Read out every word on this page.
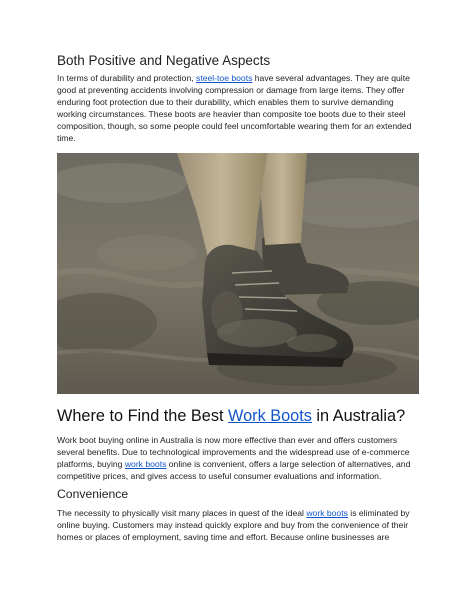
Both Positive and Negative Aspects

In terms of durability and protection, steel-toe boots have several advantages. They are quite good at preventing accidents involving compression or damage from large items. They offer enduring foot protection due to their durability, which enables them to survive demanding working circumstances. These boots are heavier than composite toe boots due to their steel composition, though, so some people could feel uncomfortable wearing them for an extended time.

Where to Find the Best Work Boots in Australia?

Work boot buying online in Australia is now more effective than ever and offers customers several benefits. Due to technological improvements and the widespread use of e-commerce platforms, buying work boots online is convenient, offers a large selection of alternatives, and competitive prices, and gives access to useful consumer evaluations and information.

Convenience

The necessity to physically visit many places in quest of the ideal work boots is eliminated by online buying. Customers may instead quickly explore and buy from the convenience of their homes or places of employment, saving time and effort. Because online businesses are
